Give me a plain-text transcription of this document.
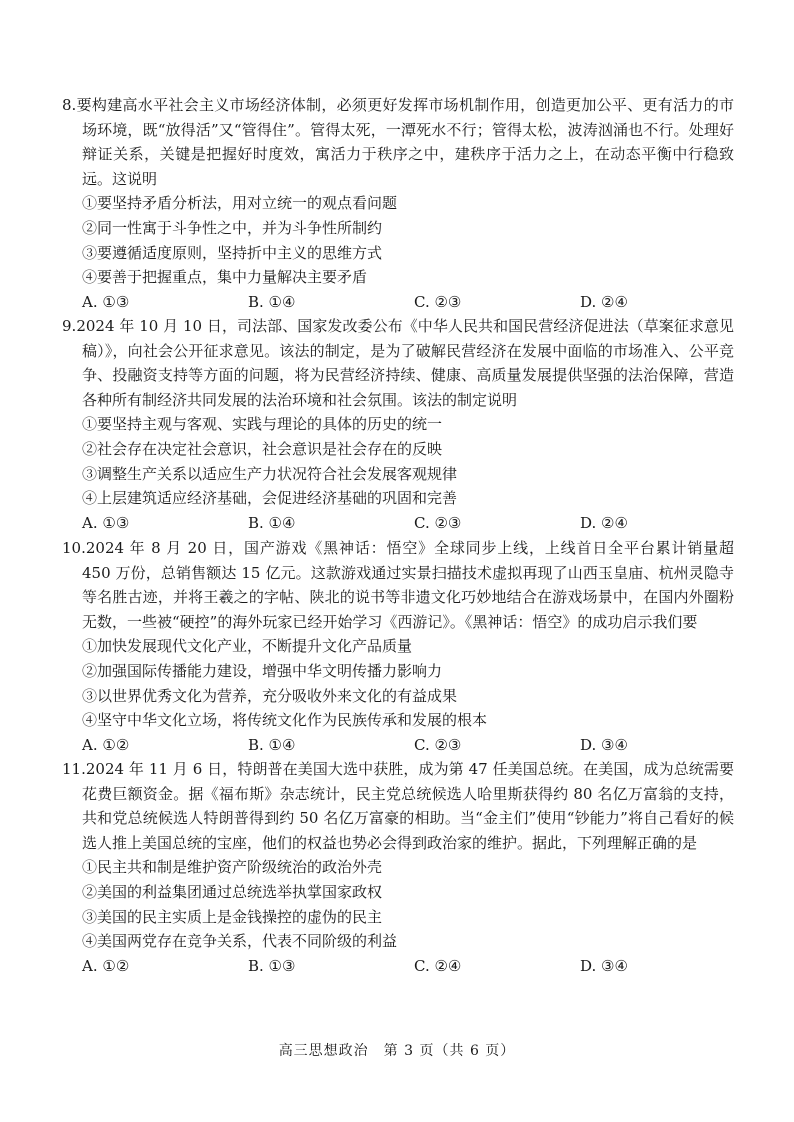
8.要构建高水平社会主义市场经济体制，必须更好发挥市场机制作用，创造更加公平、更有活力的市场环境，既“放得活”又“管得住”。管得太死，一潭死水不行；管得太松，波涛汹涌也不行。处理好辩证关系，关键是把握好时度效，寓活力于秩序之中，建秩序于活力之上，在动态平衡中行稳致远。这说明

①要坚持矛盾分析法，用对立统一的观点看问题

②同一性寓于斗争性之中，并为斗争性所制约

③要遵循适度原则，坚持折中主义的思维方式

④要善于把握重点，集中力量解决主要矛盾

A. ①③	B. ①④	C. ②③	D. ②④

9.2024 年 10 月 10 日，司法部、国家发改委公布《中华人民共和国民营经济促进法（草案征求意见稿）》，向社会公开征求意见。该法的制定，是为了破解民营经济在发展中面临的市场准入、公平竞争、投融资支持等方面的问题，将为民营经济持续、健康、高质量发展提供坚强的法治保障，营造各种所有制经济共同发展的法治环境和社会氛围。该法的制定说明

①要坚持主观与客观、实践与理论的具体的历史的统一

②社会存在决定社会意识，社会意识是社会存在的反映

③调整生产关系以适应生产力状况符合社会发展客观规律

④上层建筑适应经济基础，会促进经济基础的巩固和完善

A. ①③	B. ①④	C. ②③	D. ②④

10.2024 年 8 月 20 日，国产游戏《黑神话：悟空》全球同步上线，上线首日全平台累计销量超 450 万份，总销售额达 15 亿元。这款游戏通过实景扫描技术虚拟再现了山西玉皇庙、杭州灵隐寺等名胜古迹，并将王羲之的字帖、陕北的说书等非遗文化巧妙地结合在游戏场景中，在国内外圈粉无数，一些被“硬控”的海外玩家已经开始学习《西游记》。《黑神话：悟空》的成功启示我们要

①加快发展现代文化产业，不断提升文化产品质量

②加强国际传播能力建设，增强中华文明传播力影响力

③以世界优秀文化为营养，充分吸收外来文化的有益成果

④坚守中华文化立场，将传统文化作为民族传承和发展的根本

A. ①②	B. ①④	C. ②③	D. ③④

11.2024 年 11 月 6 日，特朗普在美国大选中获胜，成为第 47 任美国总统。在美国，成为总统需要花费巨额资金。据《福布斯》杂志统计，民主党总统候选人哈里斯获得约 80 名亿万富翁的支持，共和党总统候选人特朗普得到约 50 名亿万富豪的相助。当“金主们”使用“钞能力”将自己看好的候选人推上美国总统的宝座，他们的权益也势必会得到政治家的维护。据此，下列理解正确的是

①民主共和制是维护资产阶级统治的政治外壳

②美国的利益集团通过总统选举执掌国家政权

③美国的民主实质上是金钱操控的虚伪的民主

④美国两党存在竞争关系，代表不同阶级的利益

A. ①②	B. ①③	C. ②④	D. ③④
高三思想政治　第 3 页（共 6 页）
